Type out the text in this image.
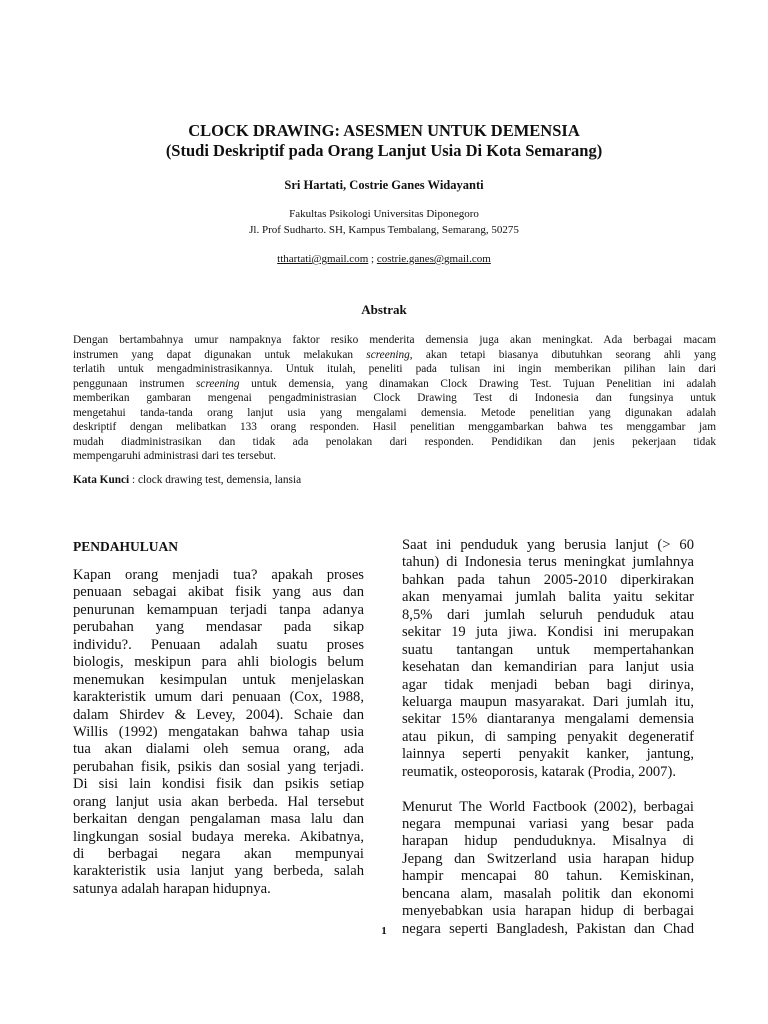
CLOCK DRAWING: ASESMEN UNTUK DEMENSIA
(Studi Deskriptif pada Orang Lanjut Usia Di Kota Semarang)
Sri Hartati, Costrie Ganes Widayanti
Fakultas Psikologi Universitas Diponegoro
Jl. Prof Sudharto. SH, Kampus Tembalang, Semarang, 50275
tthartati@gmail.com ; costrie.ganes@gmail.com
Abstrak
Dengan bertambahnya umur nampaknya faktor resiko menderita demensia juga akan meningkat. Ada berbagai macam
instrumen yang dapat digunakan untuk melakukan screening, akan tetapi biasanya dibutuhkan seorang ahli yang
terlatih untuk mengadministrasikannya. Untuk itulah, peneliti pada tulisan ini ingin memberikan pilihan lain dari
penggunaan instrumen screening untuk demensia, yang dinamakan Clock Drawing Test. Tujuan Penelitian ini adalah
memberikan gambaran mengenai pengadministrasian Clock Drawing Test di Indonesia dan fungsinya untuk
mengetahui tanda-tanda orang lanjut usia yang mengalami demensia. Metode penelitian yang digunakan adalah
deskriptif dengan melibatkan 133 orang responden. Hasil penelitian menggambarkan bahwa tes menggambar jam
mudah diadministrasikan dan tidak ada penolakan dari responden. Pendidikan dan jenis pekerjaan tidak
mempengaruhi administrasi dari tes tersebut.
Kata Kunci : clock drawing test, demensia, lansia
PENDAHULUAN
Kapan orang menjadi tua? apakah proses
penuaan sebagai akibat fisik yang aus dan
penurunan kemampuan terjadi tanpa adanya
perubahan yang mendasar pada sikap
individu?. Penuaan adalah suatu proses
biologis, meskipun para ahli biologis belum
menemukan kesimpulan untuk menjelaskan
karakteristik umum dari penuaan (Cox, 1988,
dalam Shirdev & Levey, 2004). Schaie dan
Willis (1992) mengatakan bahwa tahap usia
tua akan dialami oleh semua orang, ada
perubahan fisik, psikis dan sosial yang terjadi.
Di sisi lain kondisi fisik dan psikis setiap
orang lanjut usia akan berbeda. Hal tersebut
berkaitan dengan pengalaman masa lalu dan
lingkungan sosial budaya mereka. Akibatnya,
di berbagai negara akan mempunyai
karakteristik usia lanjut yang berbeda, salah
satunya adalah harapan hidupnya.
Saat ini penduduk yang berusia lanjut (> 60
tahun) di Indonesia terus meningkat jumlahnya
bahkan pada tahun 2005-2010 diperkirakan
akan menyamai jumlah balita yaitu sekitar
8,5% dari jumlah seluruh penduduk atau
sekitar 19 juta jiwa. Kondisi ini merupakan
suatu tantangan untuk mempertahankan
kesehatan dan kemandirian para lanjut usia
agar tidak menjadi beban bagi dirinya,
keluarga maupun masyarakat. Dari jumlah itu,
sekitar 15% diantaranya mengalami demensia
atau pikun, di samping penyakit degeneratif
lainnya seperti penyakit kanker, jantung,
reumatik, osteoporosis, katarak (Prodia, 2007).
Menurut The World Factbook (2002), berbagai
negara mempunai variasi yang besar pada
harapan hidup penduduknya. Misalnya di
Jepang dan Switzerland usia harapan hidup
hampir mencapai 80 tahun. Kemiskinan,
bencana alam, masalah politik dan ekonomi
menyebabkan usia harapan hidup di berbagai
negara seperti Bangladesh, Pakistan dan Chad
1
